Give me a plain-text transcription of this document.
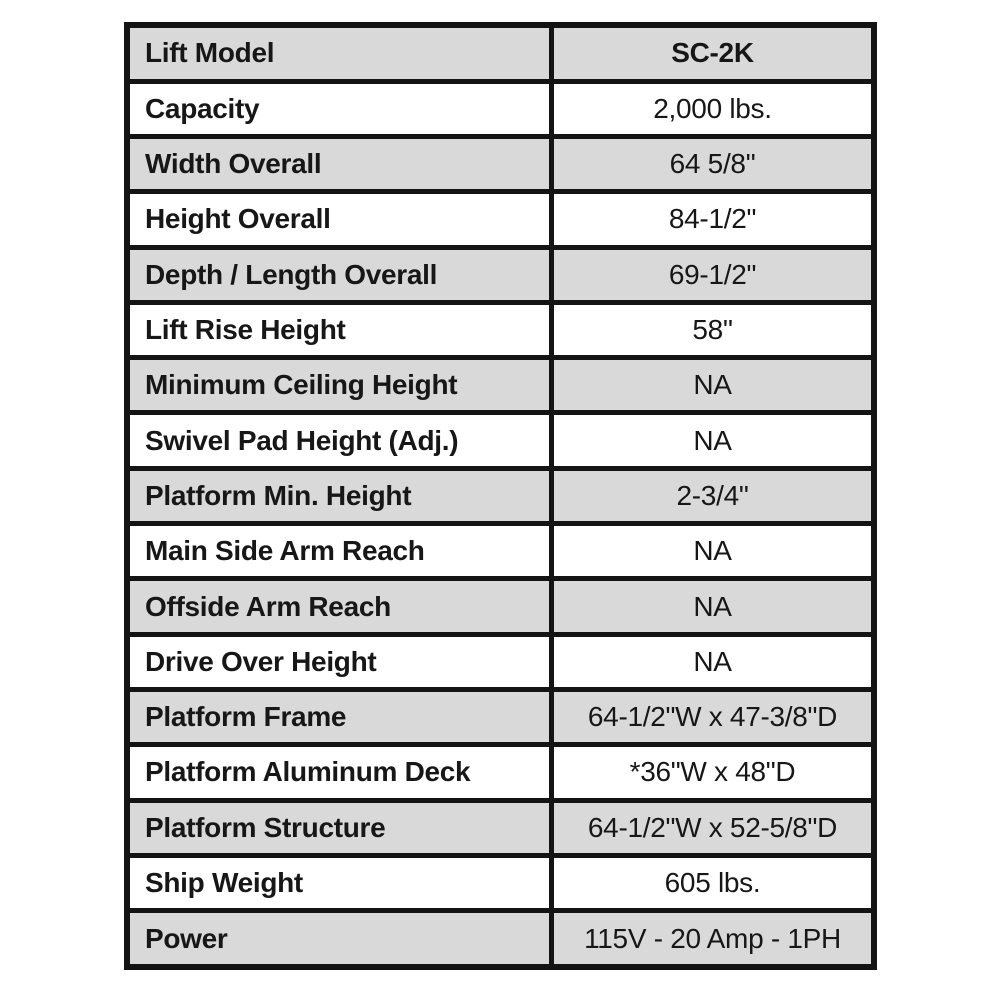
Lift Model	SC-2K
Capacity	2,000 lbs.
Width Overall	64 5/8"
Height Overall	84-1/2"
Depth / Length Overall	69-1/2"
Lift Rise Height	58"
Minimum Ceiling Height	NA
Swivel Pad Height (Adj.)	NA
Platform Min. Height	2-3/4"
Main Side Arm Reach	NA
Offside Arm Reach	NA
Drive Over Height	NA
Platform Frame	64-1/2"W x 47-3/8"D
Platform Aluminum Deck	*36"W x 48"D
Platform Structure	64-1/2"W x 52-5/8"D
Ship Weight	605 lbs.
Power	115V - 20 Amp - 1PH
